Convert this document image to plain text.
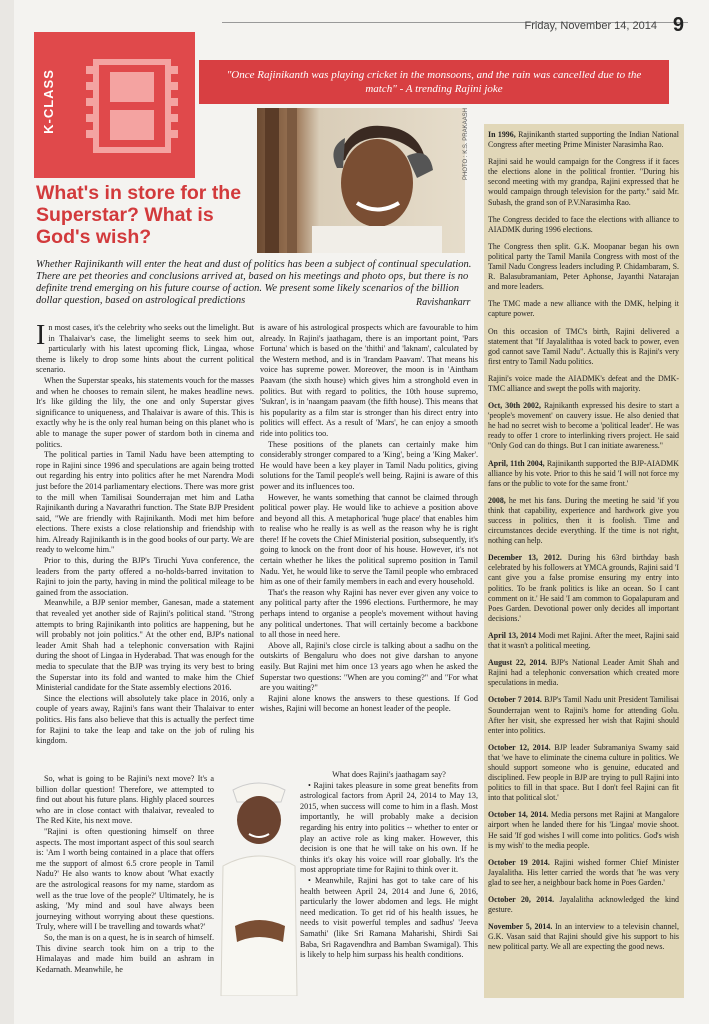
Friday, November 14, 2014 9
K-CLASS	"Once Rajinikanth was playing cricket in the monsoons, and the rain was cancelled due to the match" - A trending Rajini joke
PHOTO : K.S. PRAKAASH
What's in store for the Superstar? What is God's wish?
Whether Rajinikanth will enter the heat and dust of politics has been a subject of continual speculation. There are pet theories and conclusions arrived at, based on his meetings and photo ops, but there is no definite trend emerging on his future course of action. We present some likely scenarios of the billion dollar question, based on astrological predictions	Ravishankarr

In most cases, it's the celebrity who seeks out the limelight. But in Thalaivar's case, the limelight seems to seek him out, particularly with his latest upcoming flick, Lingaa, whose theme is likely to drop some hints about the current political scenario.

When the Superstar speaks, his statements vouch for the masses and when he chooses to remain silent, he makes headline news. It's like gilding the lily, the one and only Superstar gives significance to uniqueness, and Thalaivar is aware of this. This is exactly why he is the only real human being on this planet who is able to manage the super power of stardom both in cinema and politics.

The political parties in Tamil Nadu have been attempting to rope in Rajini since 1996 and speculations are again being trotted out regarding his entry into politics after he met Narendra Modi just before the 2014 parliamentary elections. There was more grist to the mill when Tamilisai Sounderrajan met him and Latha Rajinikanth during a Navarathri function. The State BJP President said, "We are friendly with Rajinikanth. Modi met him before elections. There exists a close relationship and friendship with him. Already Rajinikanth is in the good books of our party. We are ready to welcome him."

Prior to this, during the BJP's Tiruchi Yuva conference, the leaders from the party offered a no-holds-barred invitation to Rajini to join the party, having in mind the political mileage to be gained from the association.

Meanwhile, a BJP senior member, Ganesan, made a statement that revealed yet another side of Rajini's political stand. "Strong attempts to bring Rajinikanth into politics are happening, but he will probably not join politics." At the other end, BJP's national leader Amit Shah had a telephonic conversation with Rajini during the shoot of Lingaa in Hyderabad. That was enough for the media to speculate that the BJP was trying its very best to bring the Superstar into its fold and wanted to make him the Chief Ministerial candidate for the State assembly elections 2016.

Since the elections will absolutely take place in 2016, only a couple of years away, Rajini's fans want their Thalaivar to enter politics. His fans also believe that this is actually the perfect time for Rajini to take the leap and take on the job of ruling his kingdom.

So, what is going to be Rajini's next move? It's a billion dollar question! Therefore, we attempted to find out about his future plans. Highly placed sources who are in close contact with thalaivar, revealed to The Red Kite, his next move.

"Rajini is often questioning himself on three aspects. The most important aspect of this soul search is: 'Am I worth being contained in a place that offers me the support of almost 6.5 crore people in Tamil Nadu?' He also wants to know about 'What exactly are the astrological reasons for my name, stardom as well as the true love of the people?' Ultimately, he is asking, 'My mind and soul have always been journeying without worrying about these questions. Truly, where will I be travelling and towards what?'

So, the man is on a quest, he is in search of himself. This divine search took him on a trip to the Himalayas and made him build an ashram in Kedarnath. Meanwhile, he

is aware of his astrological prospects which are favourable to him already. In Rajini's jaathagam, there is an important point, 'Pars Fortuna' which is based on the 'thithi' and 'laknam', calculated by the Western method, and is in 'Irandam Paavam'. That means his voice has supreme power. Moreover, the moon is in 'Aintham Paavam (the sixth house) which gives him a stronghold even in politics. But with regard to politics, the 10th house supremo, 'Sukran', is in 'naangam paavam (the fifth house). This means that his popularity as a film star is stronger than his direct entry into politics will effect. As a result of 'Mars', he can enjoy a smooth ride into politics too.

These positions of the planets can certainly make him considerably stronger compared to a 'King', being a 'King Maker'. He would have been a key player in Tamil Nadu politics, giving solutions for the Tamil people's well being. Rajini is aware of this power and its influences too.

However, he wants something that cannot be claimed through political power play. He would like to achieve a position above and beyond all this. A metaphorical 'huge place' that enables him to realise who he really is as well as the reason why he is right there! If he covets the Chief Ministerial position, subsequently, it's going to knock on the front door of his house. However, it's not certain whether he likes the political supremo position in Tamil Nadu. Yet, he would like to serve the Tamil people who embraced him as one of their family members in each and every household.

That's the reason why Rajini has never ever given any voice to any political party after the 1996 elections. Furthermore, he may perhaps intend to organise a people's movement without having any political undertones. That will certainly become a backbone to all those in need here.

Above all, Rajini's close circle is talking about a sadhu on the outskirts of Bengaluru who does not give darshan to anyone easily. But Rajini met him once 13 years ago when he asked the Superstar two questions: "When are you coming?" and "For what are you waiting?"

Rajini alone knows the answers to these questions. If God wishes, Rajini will become an honest leader of the people.

What does Rajini's jaathagam say?

• Rajini takes pleasure in some great benefits from astrological factors from April 24, 2014 to May 13, 2015, when success will come to him in a flash. Most importantly, he will probably make a decision regarding his entry into politics -- whether to enter or play an active role as king maker. However, this decision is one that he will take on his own. If he thinks it's okay his voice will roar globally. It's the most appropriate time for Rajini to think over it.

• Meanwhile, Rajini has got to take care of his health between April 24, 2014 and June 6, 2016, particularly the lower abdomen and legs. He might need medication. To get rid of his health issues, he needs to visit powerful temples and sadhus' 'Jeeva Samathi' (like Sri Ramana Maharishi, Shirdi Sai Baba, Sri Ragavendhra and Bamban Swamigal). This is likely to help him surpass his health conditions.

In 1996, Rajinikanth started supporting the Indian National Congress after meeting Prime Minister Narasimha Rao.

Rajini said he would campaign for the Congress if it faces the elections alone in the political frontier. "During his second meeting with my grandpa, Rajini expressed that he would campaign through television for the party." said Mr. Subash, the grand son of P.V.Narasimha Rao.

The Congress decided to face the elections with alliance to AIADMK during 1996 elections.

The Congress then split. G.K. Moopanar began his own political party the Tamil Manila Congress with most of the Tamil Nadu Congress leaders including P. Chidambaram, S. R. Balasubramaniam, Peter Aphonse, Jayanthi Natarajan and more leaders.

The TMC made a new alliance with the DMK, helping it capture power.

On this occasion of TMC's birth, Rajini delivered a statement that "If Jayalalithaa is voted back to power, even god cannot save Tamil Nadu". Actually this is Rajini's very first entry to Tamil Nadu politics.

Rajini's voice made the AIADMK's defeat and the DMK-TMC alliance and swept the polls with majority.

Oct, 30th 2002, Rajnikanth expressed his desire to start a 'people's movement' on cauvery issue. He also denied that he had no secret wish to become a 'political leader'. He was ready to offer 1 crore to interlinking rivers project. He said "Only God can do things. But I can initiate awareness."

April, 11th 2004, Rajinikanth supported the BJP-AIADMK alliance by his vote. Prior to this he said 'I will not force my fans or the public to vote for the same front.'

2008, he met his fans. During the meeting he said 'if you think that capability, experience and hardwork give you success in politics, then it is foolish. Time and circumstances decide everything. If the time is not right, nothing can help.

December 13, 2012. During his 63rd birthday bash celebrated by his followers at YMCA grounds, Rajini said 'I cant give you a false promise ensuring my entry into politics. To be frank politics is like an ocean. So I cant comment on it.' He said 'I am common to Gopalapuram and Poes Garden. Devotional power only decides all important decisions.'

April 13, 2014 Modi met Rajini. After the meet, Rajini said that it wasn't a political meeting.

August 22, 2014. BJP's National Leader Amit Shah and Rajini had a telephonic conversation which created more speculations in media.

October 7 2014. BJP's Tamil Nadu unit President Tamilisai Sounderrajan went to Rajini's home for attending Golu. After her visit, she expressed her wish that Rajini should enter into politics.

October 12, 2014. BJP leader Subramaniya Swamy said that 'we have to eliminate the cinema culture in politics. We should support someone who is genuine, educated and disciplined. Few people in BJP are trying to pull Rajini into politics to fill in that space. But I don't feel Rajini can fit into that political slot.'

October 14, 2014. Media persons met Rajini at Mangalore airport when he landed there for his 'Lingaa' movie shoot. He said 'If god wishes I will come into politics. God's wish is my wish' to the media people.

October 19 2014. Rajini wished former Chief Minister Jayalalitha. His letter carried the words that 'he was very glad to see her, a neighbour back home in Poes Garden.'

October 20, 2014. Jayalalitha acknowledged the kind gesture.

November 5, 2014. In an interview to a televisin channel, G.K. Vasan said that Rajini should give his support to his new political party. We all are expecting the good news.
